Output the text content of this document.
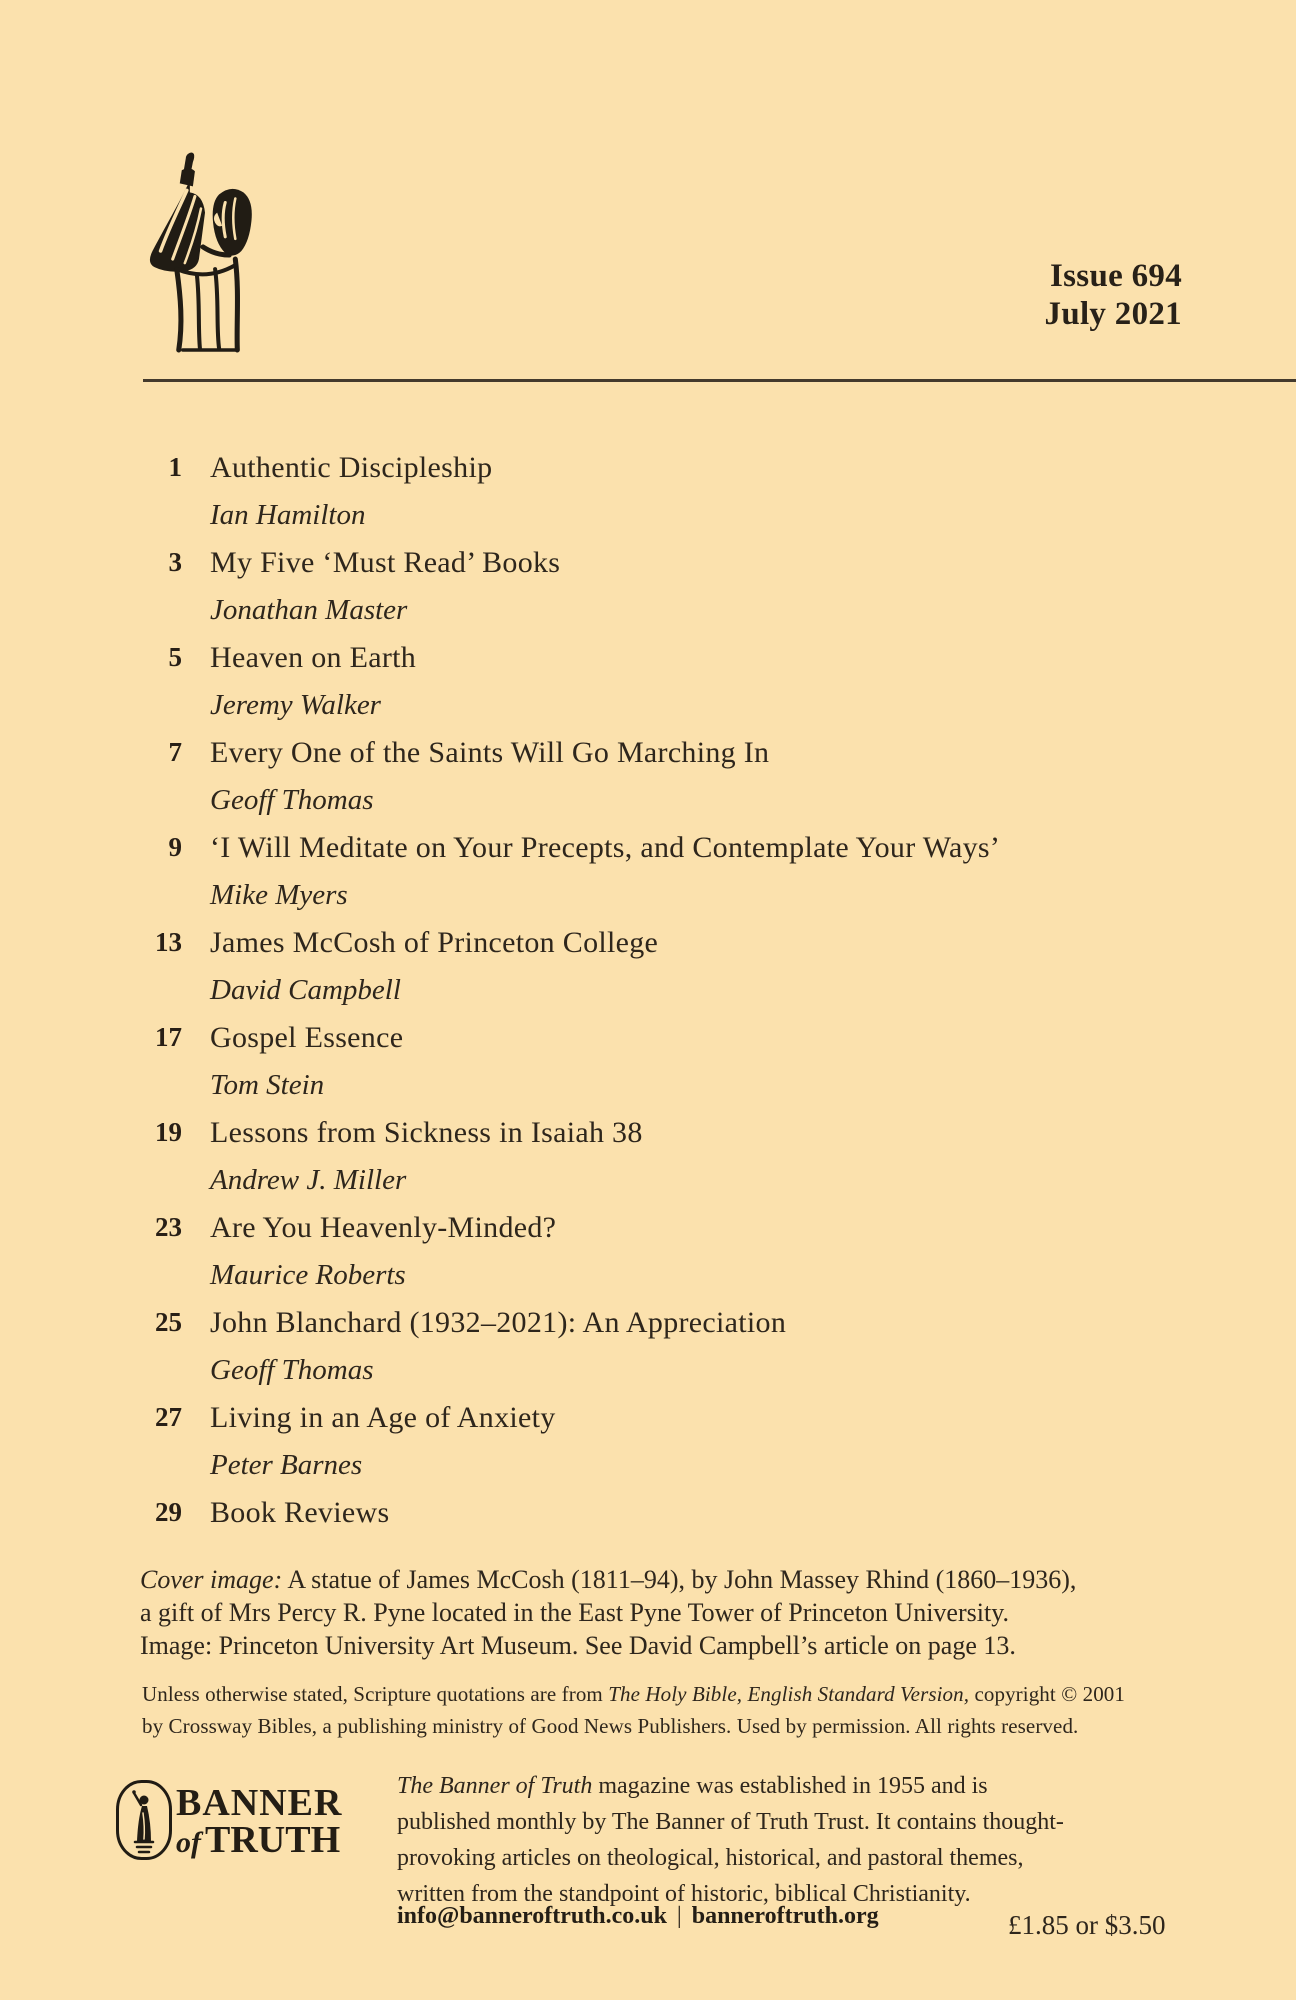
Issue 694
July 2021
1 Authentic Discipleship
Ian Hamilton
3 My Five ‘Must Read’ Books
Jonathan Master
5 Heaven on Earth
Jeremy Walker
7 Every One of the Saints Will Go Marching In
Geoff Thomas
9 ‘I Will Meditate on Your Precepts, and Contemplate Your Ways’
Mike Myers
13 James McCosh of Princeton College
David Campbell
17 Gospel Essence
Tom Stein
19 Lessons from Sickness in Isaiah 38
Andrew J. Miller
23 Are You Heavenly-Minded?
Maurice Roberts
25 John Blanchard (1932–2021): An Appreciation
Geoff Thomas
27 Living in an Age of Anxiety
Peter Barnes
29 Book Reviews
Cover image: A statue of James McCosh (1811–94), by John Massey Rhind (1860–1936),
a gift of Mrs Percy R. Pyne located in the East Pyne Tower of Princeton University.
Image: Princeton University Art Museum. See David Campbell’s article on page 13.
Unless otherwise stated, Scripture quotations are from The Holy Bible, English Standard Version, copyright © 2001
by Crossway Bibles, a publishing ministry of Good News Publishers. Used by permission. All rights reserved.
BANNER
of TRUTH
The Banner of Truth magazine was established in 1955 and is
published monthly by The Banner of Truth Trust. It contains thought-
provoking articles on theological, historical, and pastoral themes,
written from the standpoint of historic, biblical Christianity.
info@banneroftruth.co.uk | banneroftruth.org	£1.85 or $3.50
